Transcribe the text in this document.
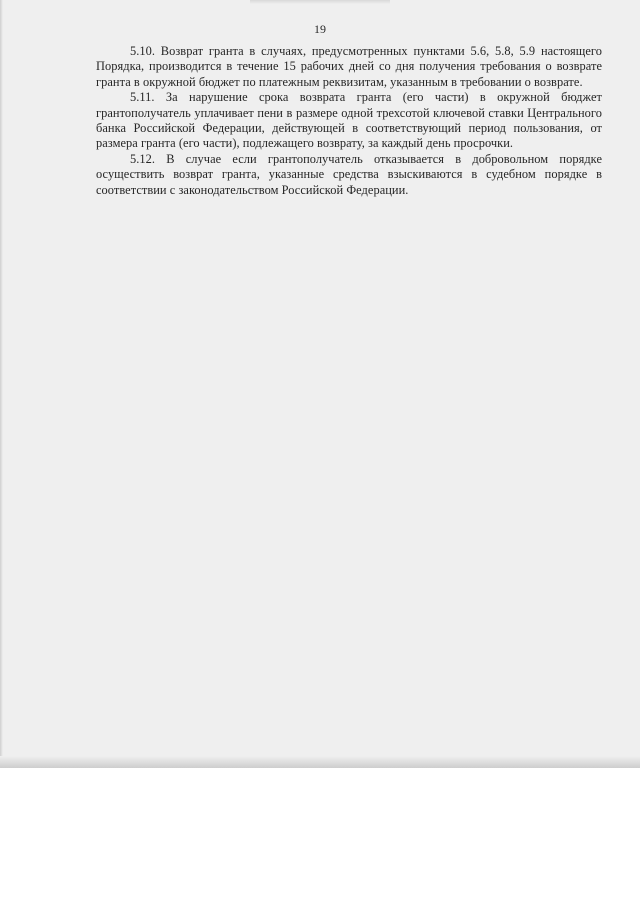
19

5.10. Возврат гранта в случаях, предусмотренных пунктами 5.6, 5.8, 5.9 настоящего Порядка, производится в течение 15 рабочих дней со дня получения требования о возврате гранта в окружной бюджет по платежным реквизитам, указанным в требовании о возврате.

5.11. За нарушение срока возврата гранта (его части) в окружной бюджет грантополучатель уплачивает пени в размере одной трехсотой ключевой ставки Центрального банка Российской Федерации, действующей в соответствующий период пользования, от размера гранта (его части), подлежащего возврату, за каждый день просрочки.

5.12. В случае если грантополучатель отказывается в добровольном порядке осуществить возврат гранта, указанные средства взыскиваются в судебном порядке в соответствии с законодательством Российской Федерации.
